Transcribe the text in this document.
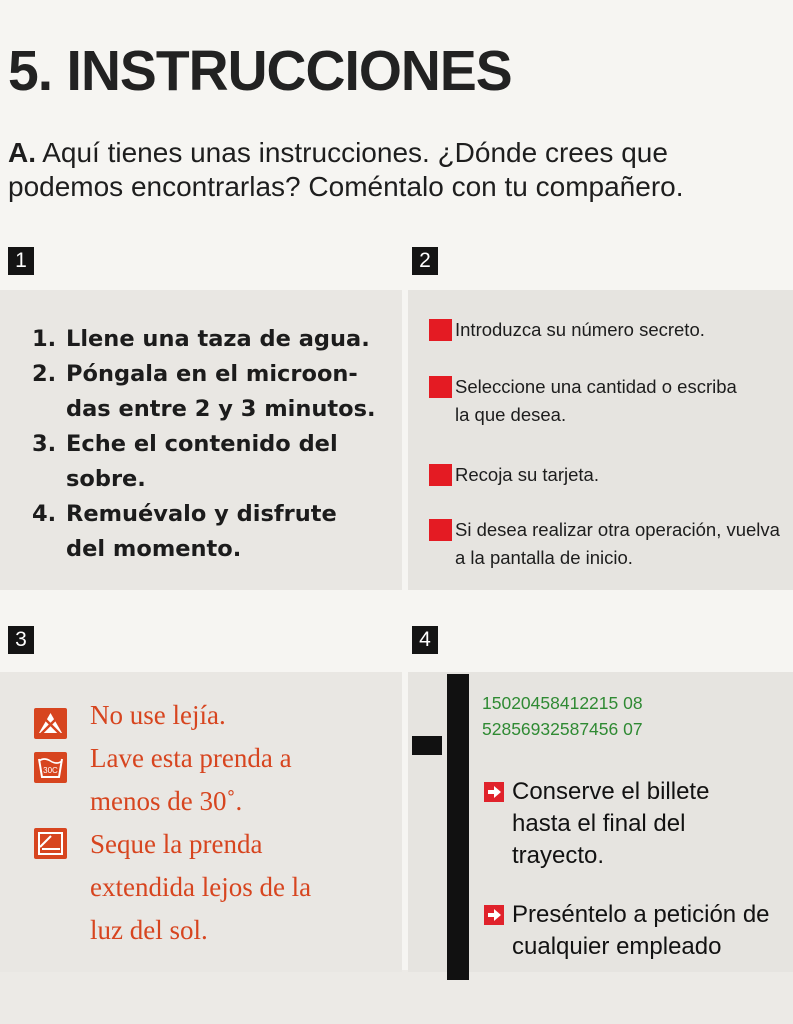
5. INSTRUCCIONES

A. Aquí tienes unas instrucciones. ¿Dónde crees que podemos encontrarlas? Coméntalo con tu compañero.

1	2
3	4
1. Llene una taza de agua.
2. Póngala en el microon-das entre 2 y 3 minutos.
3. Eche el contenido del sobre.
4. Remuévalo y disfrute del momento.
Introduzca su número secreto.
Seleccione una cantidad o escriba la que desea.
Recoja su tarjeta.
Si desea realizar otra operación, vuelva a la pantalla de inicio.
30C
No use lejía.
Lave esta prenda a
menos de 30˚.
Seque la prenda
extendida lejos de la
luz del sol.
15020458412215 08
52856932587456 07
Conserve el billete hasta el final del trayecto.
Preséntelo a petición de cualquier empleado
